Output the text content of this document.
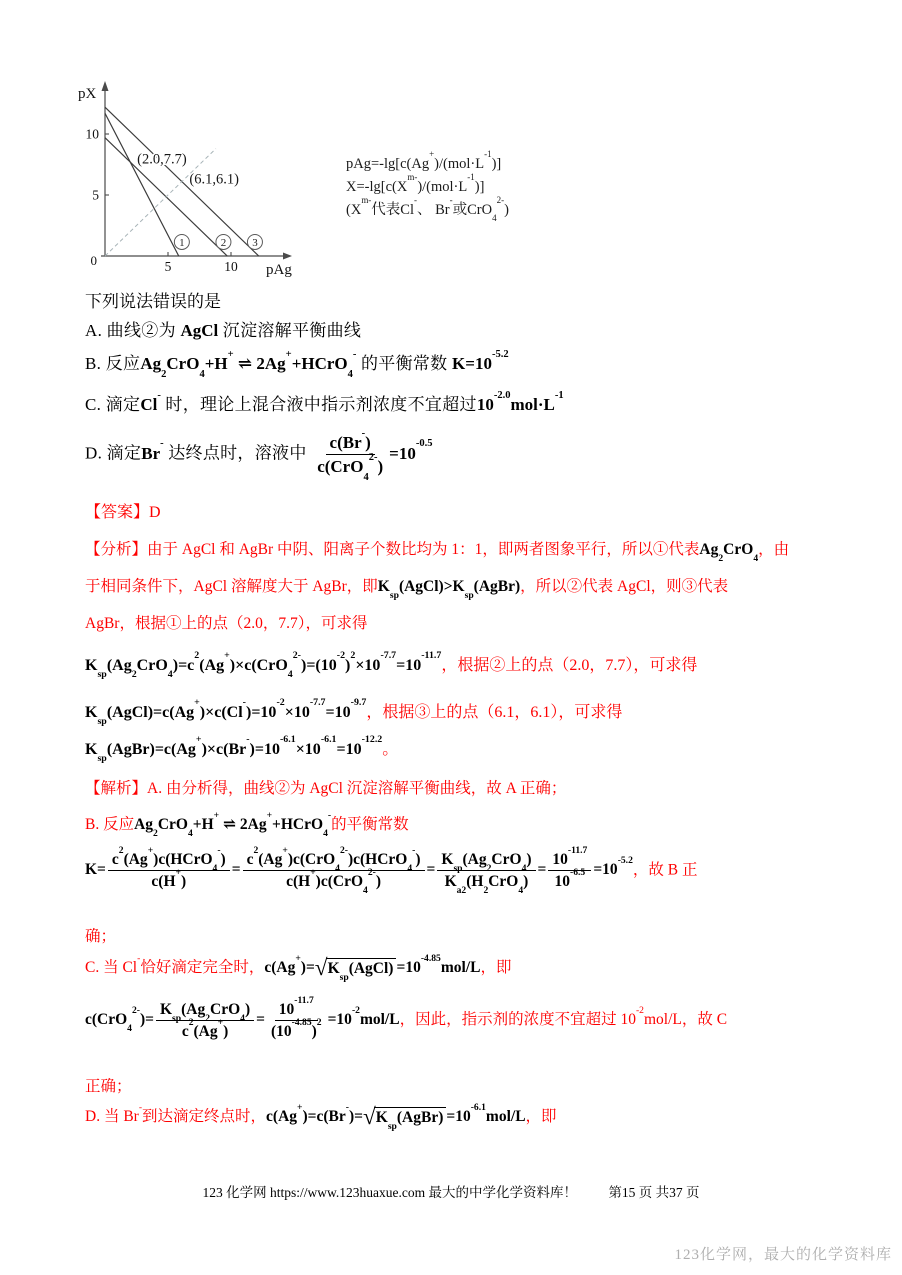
pX
pAg
0	5	10
5
10
(2.0,7.7)
(6.1,6.1)
1	2 3
$pAg=-\lg[c(Ag^+)/(mol\cdot L^{-1})]$
$X=-\lg[c(X^{m-})/(mol\cdot L^{-1})]$
($X^{m-}$代表Cl-、 Br-或CrO$_4^{2-}$)
下列说法错误的是
A. 曲线②为 AgCl 沉淀溶解平衡曲线
B. 反应$Ag_2CrO_4+H^+$ ⇌ 2Ag++HCrO$_4$- 的平衡常数 $K=10^{-5.2}$
C. 滴定Cl- 时，理论上混合液中指示剂浓度不宜超过$10^{-2.0}mol\cdot L^{-1}$
D. 滴定Br- 达终点时，溶液中 $\frac{c(Br^-)}{c(CrO_4^{2-})} =10^{-0.5}$
【答案】D
【分析】由于 AgCl 和 AgBr 中阴、阳离子个数比均为 1：1，即两者图象平行，所以①代表$Ag_2CrO_4$，由
于相同条件下，AgCl 溶解度大于 AgBr，即$K_{sp}(AgCl)>K_{sp}(AgBr)$，所以②代表 AgCl，则③代表
AgBr，根据①上的点（2.0，7.7），可求得
$K_{sp}(Ag_2CrO_4)=c^2(Ag^+)\times c(CrO_4^{2-})=(10^{-2})^2\times 10^{-7.7}=10^{-11.7}$，根据②上的点（2.0，7.7），可求得
$K_{sp}(AgCl)=c(Ag^+)\times c(Cl^-)=10^{-2}\times 10^{-7.7}=10^{-9.7}$，根据③上的点（6.1，6.1），可求得
$K_{sp}(AgBr)=c(Ag^+)\times c(Br^-)=10^{-6.1}\times 10^{-6.1}=10^{-12.2}$。
【解析】A. 由分析得，曲线②为 AgCl 沉淀溶解平衡曲线，故 A 正确；
B. 反应$Ag_2CrO_4+H^+$ ⇌ 2Ag++HCrO$_4$-的平衡常数
$K= \frac{c^2(Ag^+)c(HCrO_4^-)}{c(H^+)} = \frac{c^2(Ag^+)c(CrO_4^{2-})c(HCrO_4^-)}{c(H^+)c(CrO_4^{2-})} = \frac{K_{sp}(Ag_2CrO_4)}{K_{a2}(H_2CrO_4)} = \frac{10^{-11.7}}{10^{-6.5}} =10^{-5.2}$，故 B 正
确；
C. 当 Cl-恰好滴定完全时，c(Ag+)= √ $K_{sp}(AgCl) =10^{-4.85}mol/L$，即
$c(CrO_4^{2-})= \frac{K_{sp}(Ag_2CrO_4)}{c^2(Ag^+)} = \frac{10^{-11.7}}{(10^{-4.85})^2} =10^{-2}mol/L$，因此，指示剂的浓度不宜超过 $10^{-2}mol/L$，故 C
正确；
D. 当 Br-到达滴定终点时，c(Ag+)=c(Br-)= √ $K_{sp}(AgBr) =10^{-6.1}mol/L$，即
123 化学网 https://www.123huaxue.com 最大的中学化学资料库！ 第15 页 共37 页
123化学网，最大的化学资料库
